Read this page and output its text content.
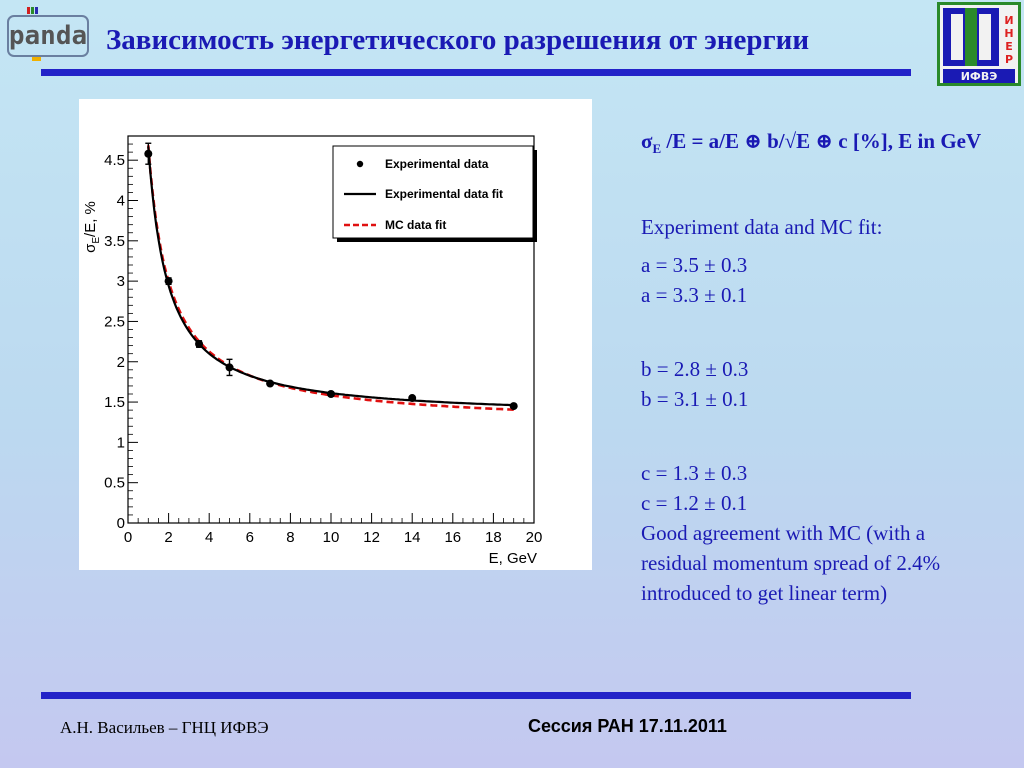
panda
И
Н
Е
Р
ИФВЭ
Зависимость энергетического разрешения от энергии
0
0.5
1
1.5
2
2.5
3
3.5
4
4.5
0 2 4 6 8 10 12 14 16 18 20
$\sigma_E/E$, %
E, GeV
Experimental data
Experimental data fit
MC data fit

$\sigma_E$ /E = a/E ⊕ b/√E ⊕ c [%], E in GeV

Experiment data and MC fit:

a = 3.5 ± 0.3

a = 3.3 ± 0.1

b = 2.8 ± 0.3

b = 3.1 ± 0.1

c = 1.3 ± 0.3

c = 1.2 ± 0.1

Good agreement with MC (with a residual momentum spread of 2.4% introduced to get linear term)

А.Н. Васильев – ГНЦ ИФВЭ	Сессия РАН 17.11.2011
